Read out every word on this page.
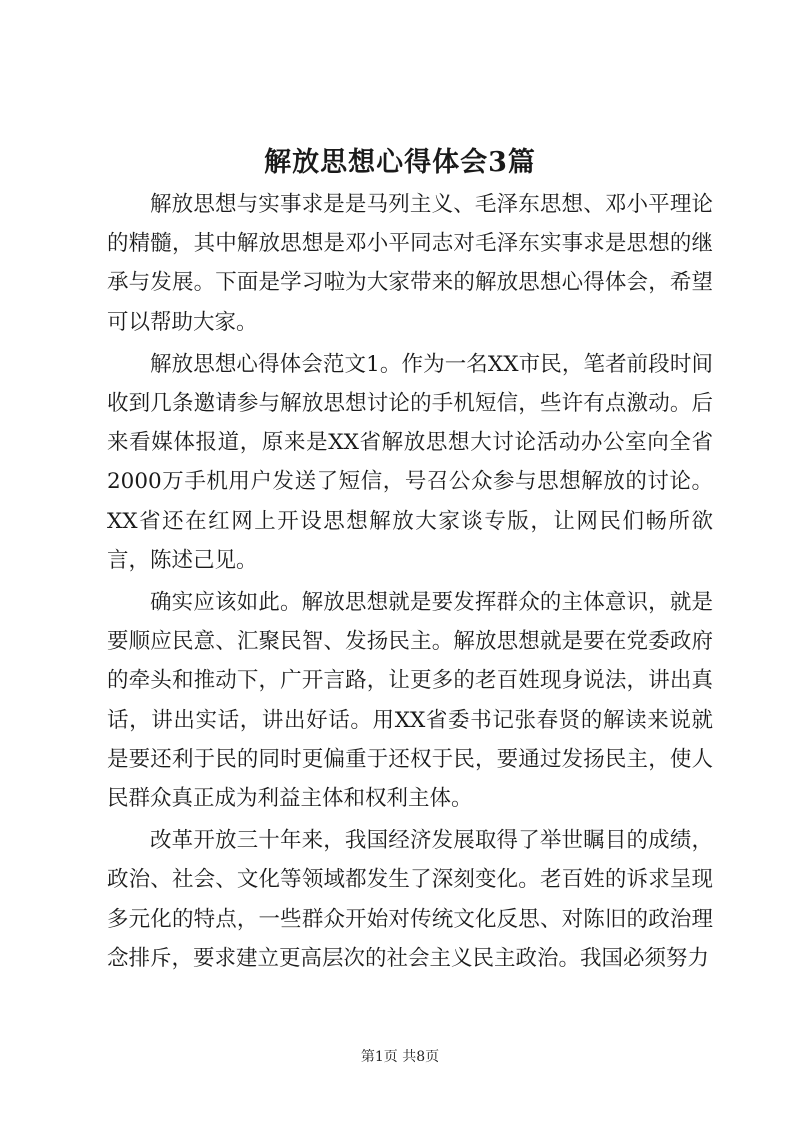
解放思想心得体会3篇

解放思想与实事求是是马列主义、毛泽东思想、邓小平理论的精髓，其中解放思想是邓小平同志对毛泽东实事求是思想的继承与发展。下面是学习啦为大家带来的解放思想心得体会，希望可以帮助大家。

解放思想心得体会范文1。作为一名XX市民，笔者前段时间收到几条邀请参与解放思想讨论的手机短信，些许有点激动。后来看媒体报道，原来是XX省解放思想大讨论活动办公室向全省2000万手机用户发送了短信，号召公众参与思想解放的讨论。XX省还在红网上开设思想解放大家谈专版，让网民们畅所欲言，陈述己见。

确实应该如此。解放思想就是要发挥群众的主体意识，就是要顺应民意、汇聚民智、发扬民主。解放思想就是要在党委政府的牵头和推动下，广开言路，让更多的老百姓现身说法，讲出真话，讲出实话，讲出好话。用XX省委书记张春贤的解读来说就是要还利于民的同时更偏重于还权于民，要通过发扬民主，使人民群众真正成为利益主体和权利主体。

改革开放三十年来，我国经济发展取得了举世瞩目的成绩，政治、社会、文化等领域都发生了深刻变化。老百姓的诉求呈现多元化的特点，一些群众开始对传统文化反思、对陈旧的政治理念排斥，要求建立更高层次的社会主义民主政治。我国必须努力

第1页 共8页
